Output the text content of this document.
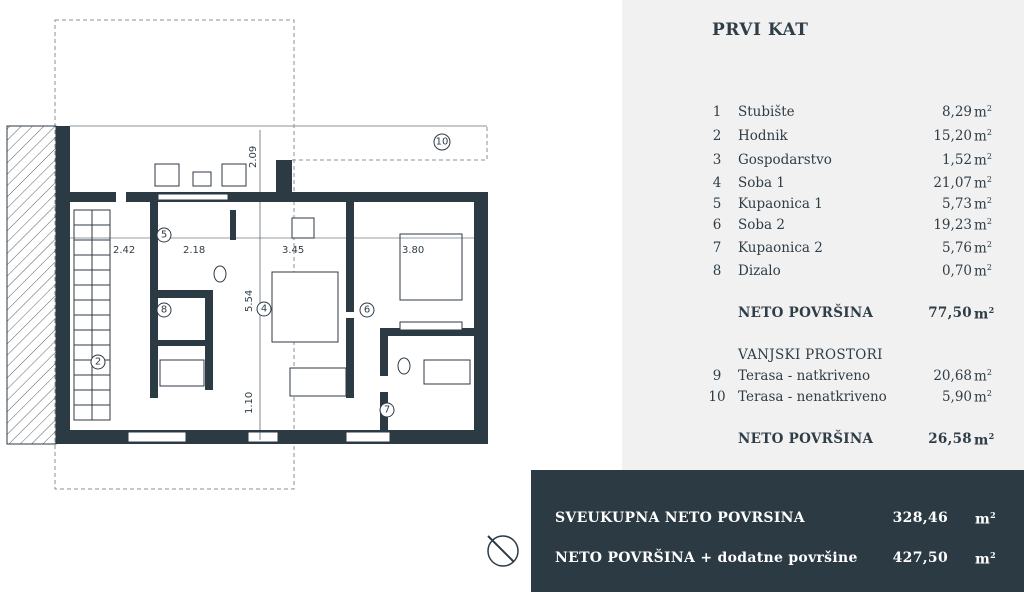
2.42	2.18	3.45	3.80
2.09
5.54
1.10
2
5
8	4	6
7
10
PRVI KAT
1	Stubište	8,29 $m^2$
2	Hodnik	15,20 $m^2$
3	Gospodarstvo	1,52 $m^2$
4	Soba 1	21,07 $m^2$
5	Kupaonica 1	5,73 $m^2$
6	Soba 2	19,23 $m^2$
7	Kupaonica 2	5,76 $m^2$
8	Dizalo	0,70 $m^2$
NETO POVRŠINA	77,50 $m^2$
VANJSKI PROSTORI
9	Terasa - natkriveno	20,68 $m^2$
10 Terasa - nenatkriveno	5,90 $m^2$
NETO POVRŠINA	26,58 $m^2$
SVEUKUPNA NETO POVRSINA	328,46 $m^2$
NETO POVRŠINA + dodatne površine 427,50 $m^2$
